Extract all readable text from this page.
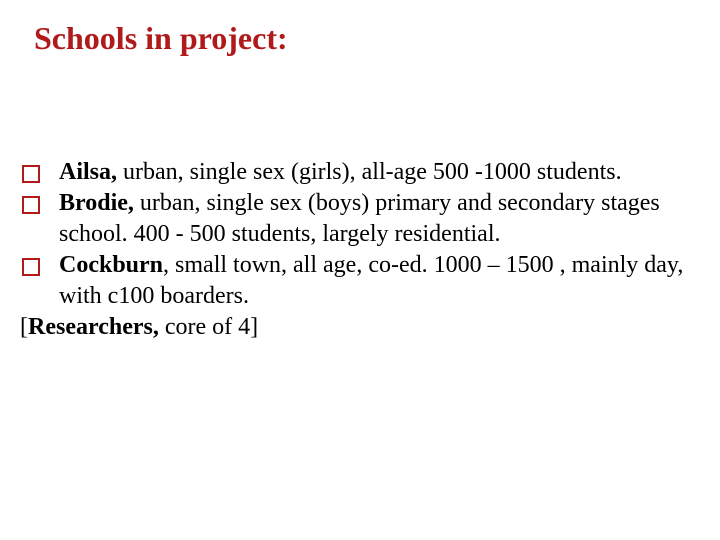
Schools in project:
Ailsa, urban, single sex (girls), all-age 500 -1000 students.
Brodie, urban, single sex (boys) primary and secondary stages school. 400 - 500 students, largely residential.
Cockburn, small town, all age, co-ed. 1000 – 1500 , mainly day, with c100 boarders.
[Researchers, core of 4]
